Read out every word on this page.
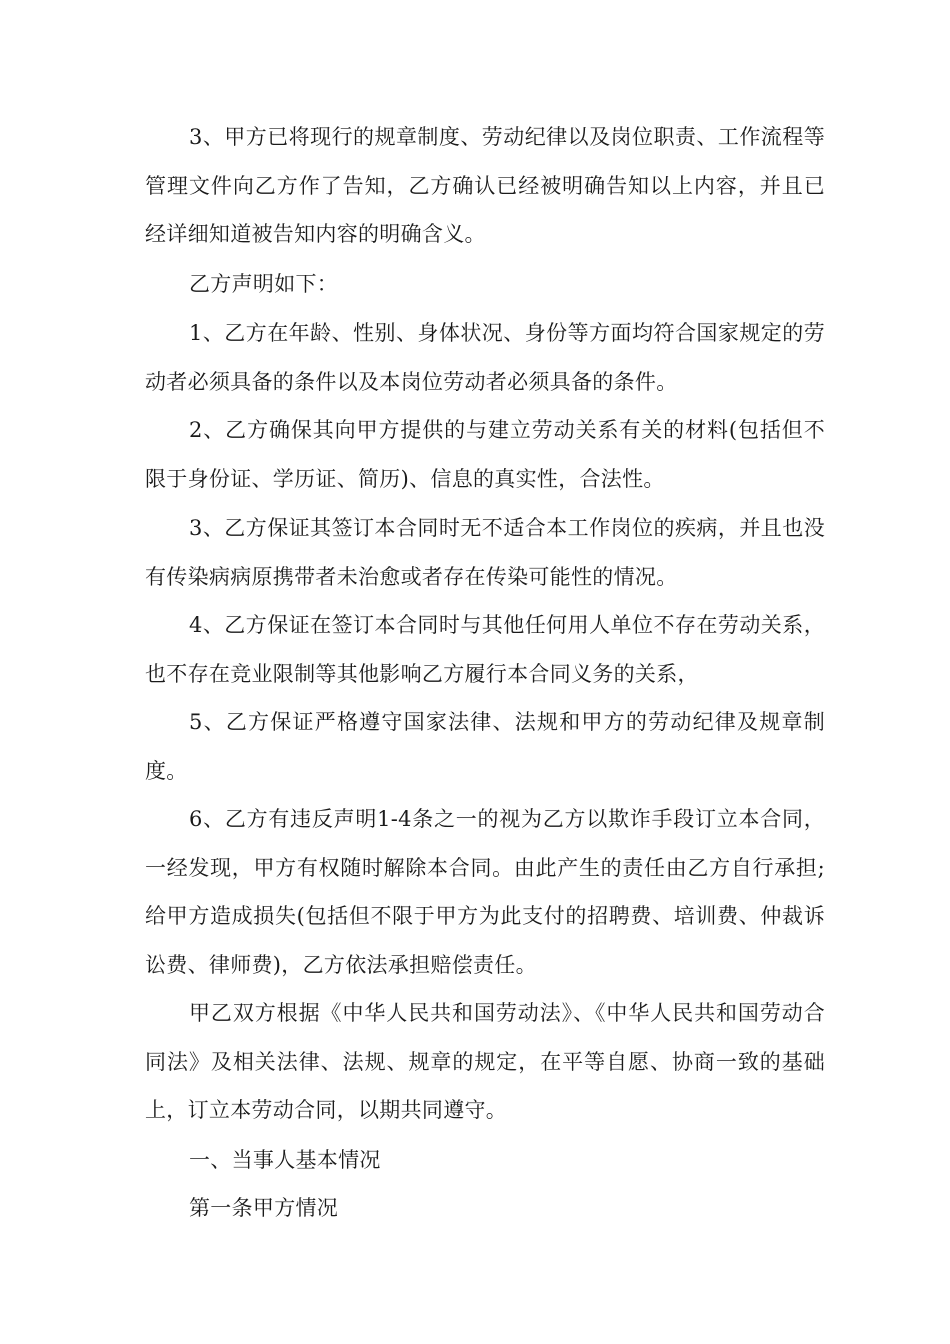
3、甲方已将现行的规章制度、劳动纪律以及岗位职责、工作流程等管理文件向乙方作了告知，乙方确认已经被明确告知以上内容，并且已经详细知道被告知内容的明确含义。

乙方声明如下：

1、乙方在年龄、性别、身体状况、身份等方面均符合国家规定的劳动者必须具备的条件以及本岗位劳动者必须具备的条件。

2、乙方确保其向甲方提供的与建立劳动关系有关的材料(包括但不限于身份证、学历证、简历)、信息的真实性，合法性。

3、乙方保证其签订本合同时无不适合本工作岗位的疾病，并且也没有传染病病原携带者未治愈或者存在传染可能性的情况。

4、乙方保证在签订本合同时与其他任何用人单位不存在劳动关系，也不存在竞业限制等其他影响乙方履行本合同义务的关系，

5、乙方保证严格遵守国家法律、法规和甲方的劳动纪律及规章制度。

6、乙方有违反声明1-4条之一的视为乙方以欺诈手段订立本合同，一经发现，甲方有权随时解除本合同。由此产生的责任由乙方自行承担;给甲方造成损失(包括但不限于甲方为此支付的招聘费、培训费、仲裁诉讼费、律师费)，乙方依法承担赔偿责任。

甲乙双方根据《中华人民共和国劳动法》、《中华人民共和国劳动合同法》及相关法律、法规、规章的规定，在平等自愿、协商一致的基础上，订立本劳动合同，以期共同遵守。

一、当事人基本情况

第一条甲方情况
